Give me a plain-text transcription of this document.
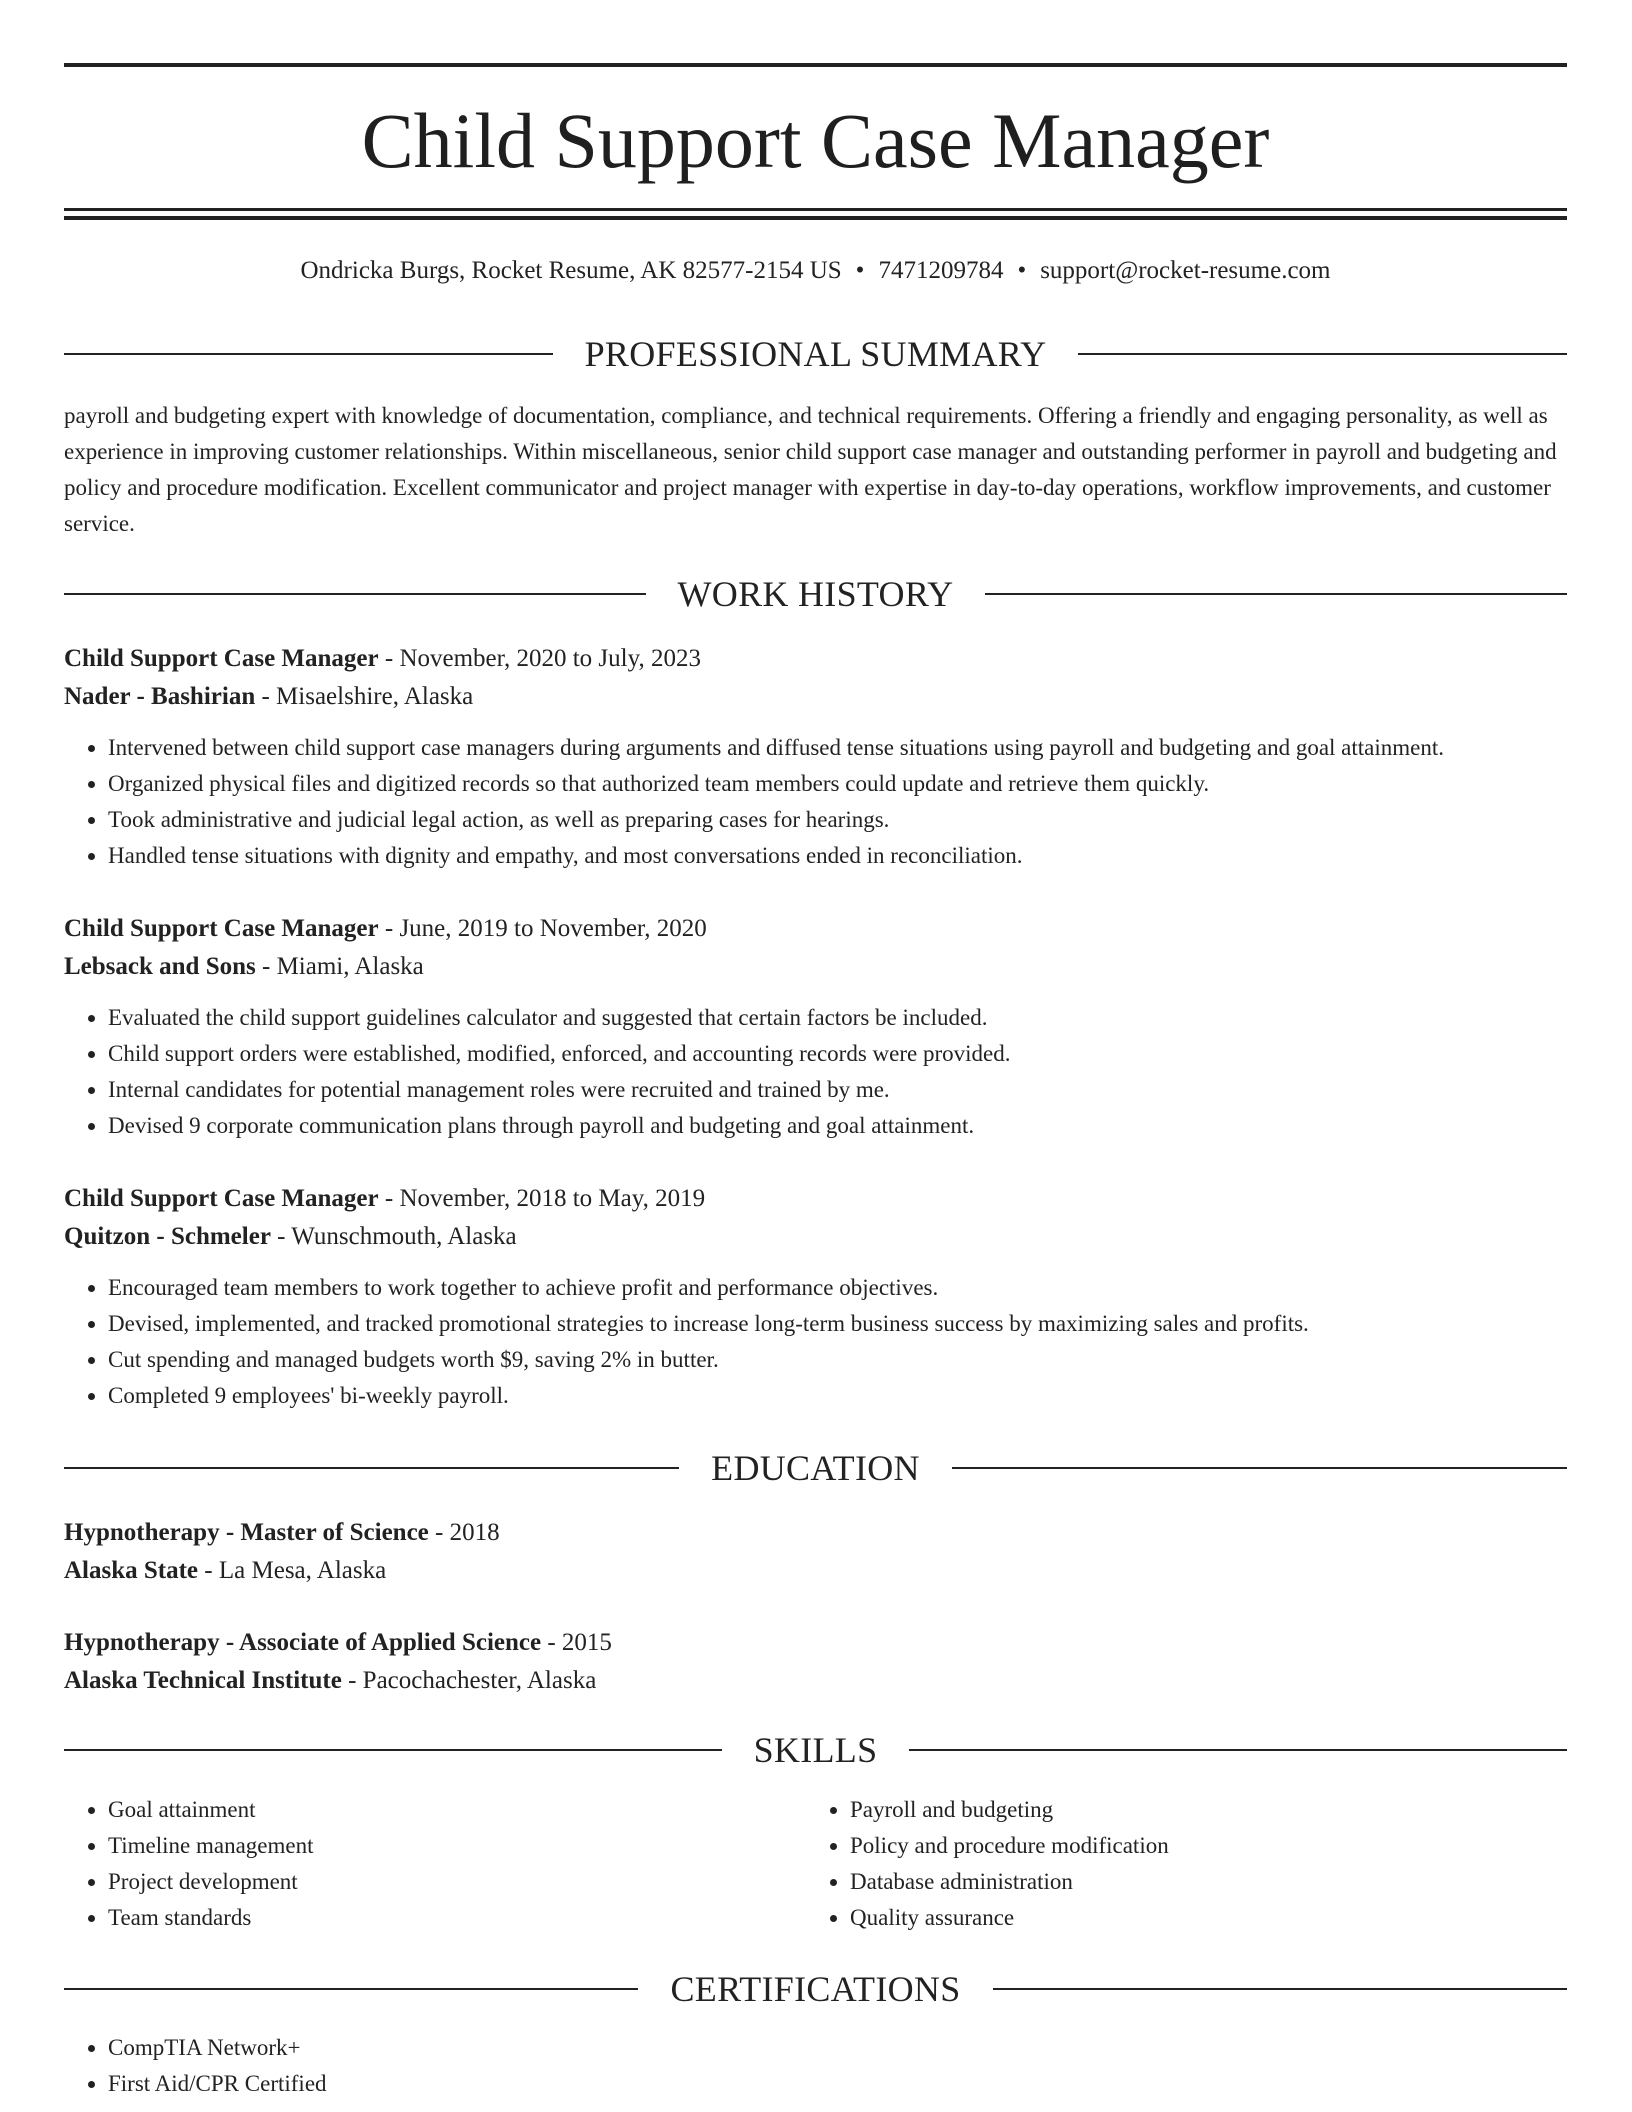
Child Support Case Manager
Ondricka Burgs, Rocket Resume, AK 82577-2154 US • 7471209784 • support@rocket-resume.com
PROFESSIONAL SUMMARY

payroll and budgeting expert with knowledge of documentation, compliance, and technical requirements. Offering a friendly and engaging personality, as well as experience in improving customer relationships. Within miscellaneous, senior child support case manager and outstanding performer in payroll and budgeting and policy and procedure modification. Excellent communicator and project manager with expertise in day-to-day operations, workflow improvements, and customer service.

WORK HISTORY
Child Support Case Manager - November, 2020 to July, 2023
Nader - Bashirian - Misaelshire, Alaska
• Intervened between child support case managers during arguments and diffused tense situations using payroll and budgeting and goal attainment.
• Organized physical files and digitized records so that authorized team members could update and retrieve them quickly.
• Took administrative and judicial legal action, as well as preparing cases for hearings.
• Handled tense situations with dignity and empathy, and most conversations ended in reconciliation.
Child Support Case Manager - June, 2019 to November, 2020
Lebsack and Sons - Miami, Alaska
• Evaluated the child support guidelines calculator and suggested that certain factors be included.
• Child support orders were established, modified, enforced, and accounting records were provided.
• Internal candidates for potential management roles were recruited and trained by me.
• Devised 9 corporate communication plans through payroll and budgeting and goal attainment.
Child Support Case Manager - November, 2018 to May, 2019
Quitzon - Schmeler - Wunschmouth, Alaska
• Encouraged team members to work together to achieve profit and performance objectives.
• Devised, implemented, and tracked promotional strategies to increase long-term business success by maximizing sales and profits.
• Cut spending and managed budgets worth $9, saving 2% in butter.
• Completed 9 employees' bi-weekly payroll.
EDUCATION
Hypnotherapy - Master of Science - 2018
Alaska State - La Mesa, Alaska
Hypnotherapy - Associate of Applied Science - 2015
Alaska Technical Institute - Pacochachester, Alaska
SKILLS
• Goal attainment
• Timeline management
• Project development
• Team standards
• Payroll and budgeting
• Policy and procedure modification
• Database administration
• Quality assurance
CERTIFICATIONS
• CompTIA Network+
• First Aid/CPR Certified
